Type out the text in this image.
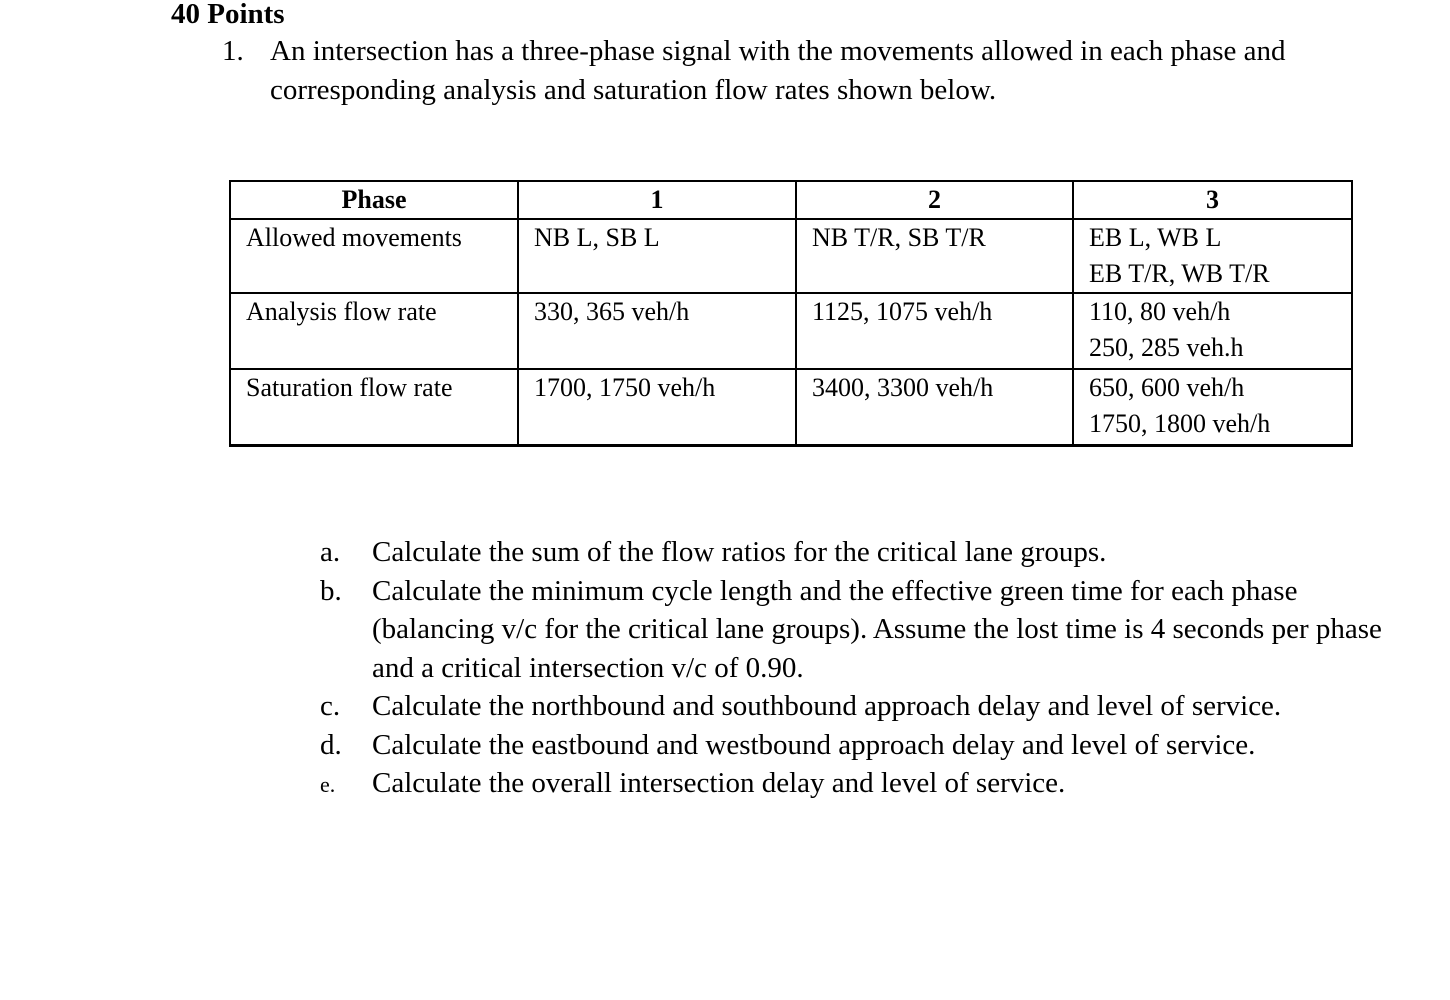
40 Points
1. An intersection has a three-phase signal with the movements allowed in each phase and corresponding analysis and saturation flow rates shown below.
Phase	1	2	3

Allowed movements	NB L, SB L	NB T/R, SB T/R	EB L, WB L
EB T/R, WB T/R

Analysis flow rate	330, 365 veh/h	1125, 1075 veh/h	110, 80 veh/h
250, 285 veh.h

Saturation flow rate	1700, 1750 veh/h	3400, 3300 veh/h	650, 600 veh/h
1750, 1800 veh/h
a. Calculate the sum of the flow ratios for the critical lane groups.
b. Calculate the minimum cycle length and the effective green time for each phase (balancing v/c for the critical lane groups). Assume the lost time is 4 seconds per phase and a critical intersection v/c of 0.90.
c. Calculate the northbound and southbound approach delay and level of service.
d. Calculate the eastbound and westbound approach delay and level of service.
e. Calculate the overall intersection delay and level of service.
